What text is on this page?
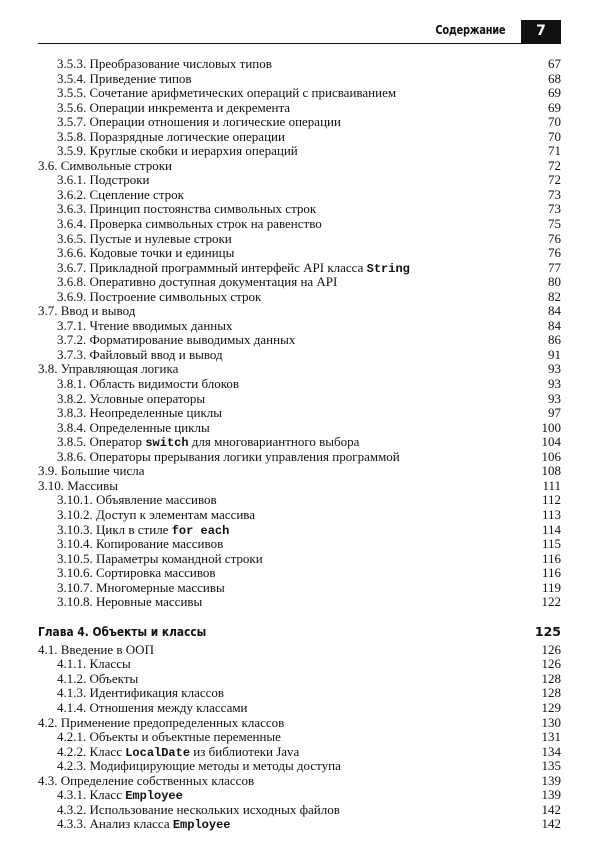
Содержание	7
3.5.3. Преобразование числовых типов	67
3.5.4. Приведение типов	68
3.5.5. Сочетание арифметических операций с присваиванием	69
3.5.6. Операции инкремента и декремента	69
3.5.7. Операции отношения и логические операции	70
3.5.8. Поразрядные логические операции	70
3.5.9. Круглые скобки и иерархия операций	71
3.6. Символьные строки	72
3.6.1. Подстроки	72
3.6.2. Сцепление строк	73
3.6.3. Принцип постоянства символьных строк	73
3.6.4. Проверка символьных строк на равенство	75
3.6.5. Пустые и нулевые строки	76
3.6.6. Кодовые точки и единицы	76
3.6.7. Прикладной программный интерфейс API класса String	77
3.6.8. Оперативно доступная документация на API	80
3.6.9. Построение символьных строк	82
3.7. Ввод и вывод	84
3.7.1. Чтение вводимых данных	84
3.7.2. Форматирование выводимых данных	86
3.7.3. Файловый ввод и вывод	91
3.8. Управляющая логика	93
3.8.1. Область видимости блоков	93
3.8.2. Условные операторы	93
3.8.3. Неопределенные циклы	97
3.8.4. Определенные циклы	100
3.8.5. Оператор switch для многовариантного выбора	104
3.8.6. Операторы прерывания логики управления программой	106
3.9. Большие числа	108
3.10. Массивы	111
3.10.1. Объявление массивов	112
3.10.2. Доступ к элементам массива	113
3.10.3. Цикл в стиле for each	114
3.10.4. Копирование массивов	115
3.10.5. Параметры командной строки	116
3.10.6. Сортировка массивов	116
3.10.7. Многомерные массивы	119
3.10.8. Неровные массивы	122
Глава 4. Объекты и классы	125
4.1. Введение в ООП	126
4.1.1. Классы	126
4.1.2. Объекты	128
4.1.3. Идентификация классов	128
4.1.4. Отношения между классами	129
4.2. Применение предопределенных классов	130
4.2.1. Объекты и объектные переменные	131
4.2.2. Класс LocalDate из библиотеки Java	134
4.2.3. Модифицирующие методы и методы доступа	135
4.3. Определение собственных классов	139
4.3.1. Класс Employee	139
4.3.2. Использование нескольких исходных файлов	142
4.3.3. Анализ класса Employee	142
